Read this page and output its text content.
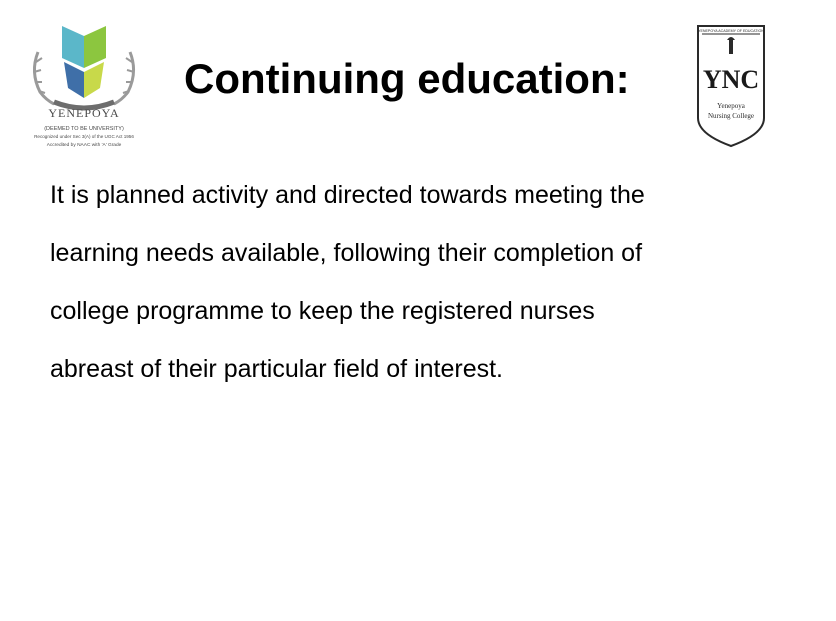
YENEPOYA
(DEEMED TO BE UNIVERSITY)
Recognized under Sec 3(A) of the UGC Act 1956
Accredited by NAAC with 'A' Grade
Continuing education:
YENEPOYA ACADEMY OF EDUCATION
YNC
Yenepoya
Nursing College
It is planned activity and directed towards meeting the
learning needs available, following their completion of
college programme to keep the registered nurses
abreast of their particular field of interest.
